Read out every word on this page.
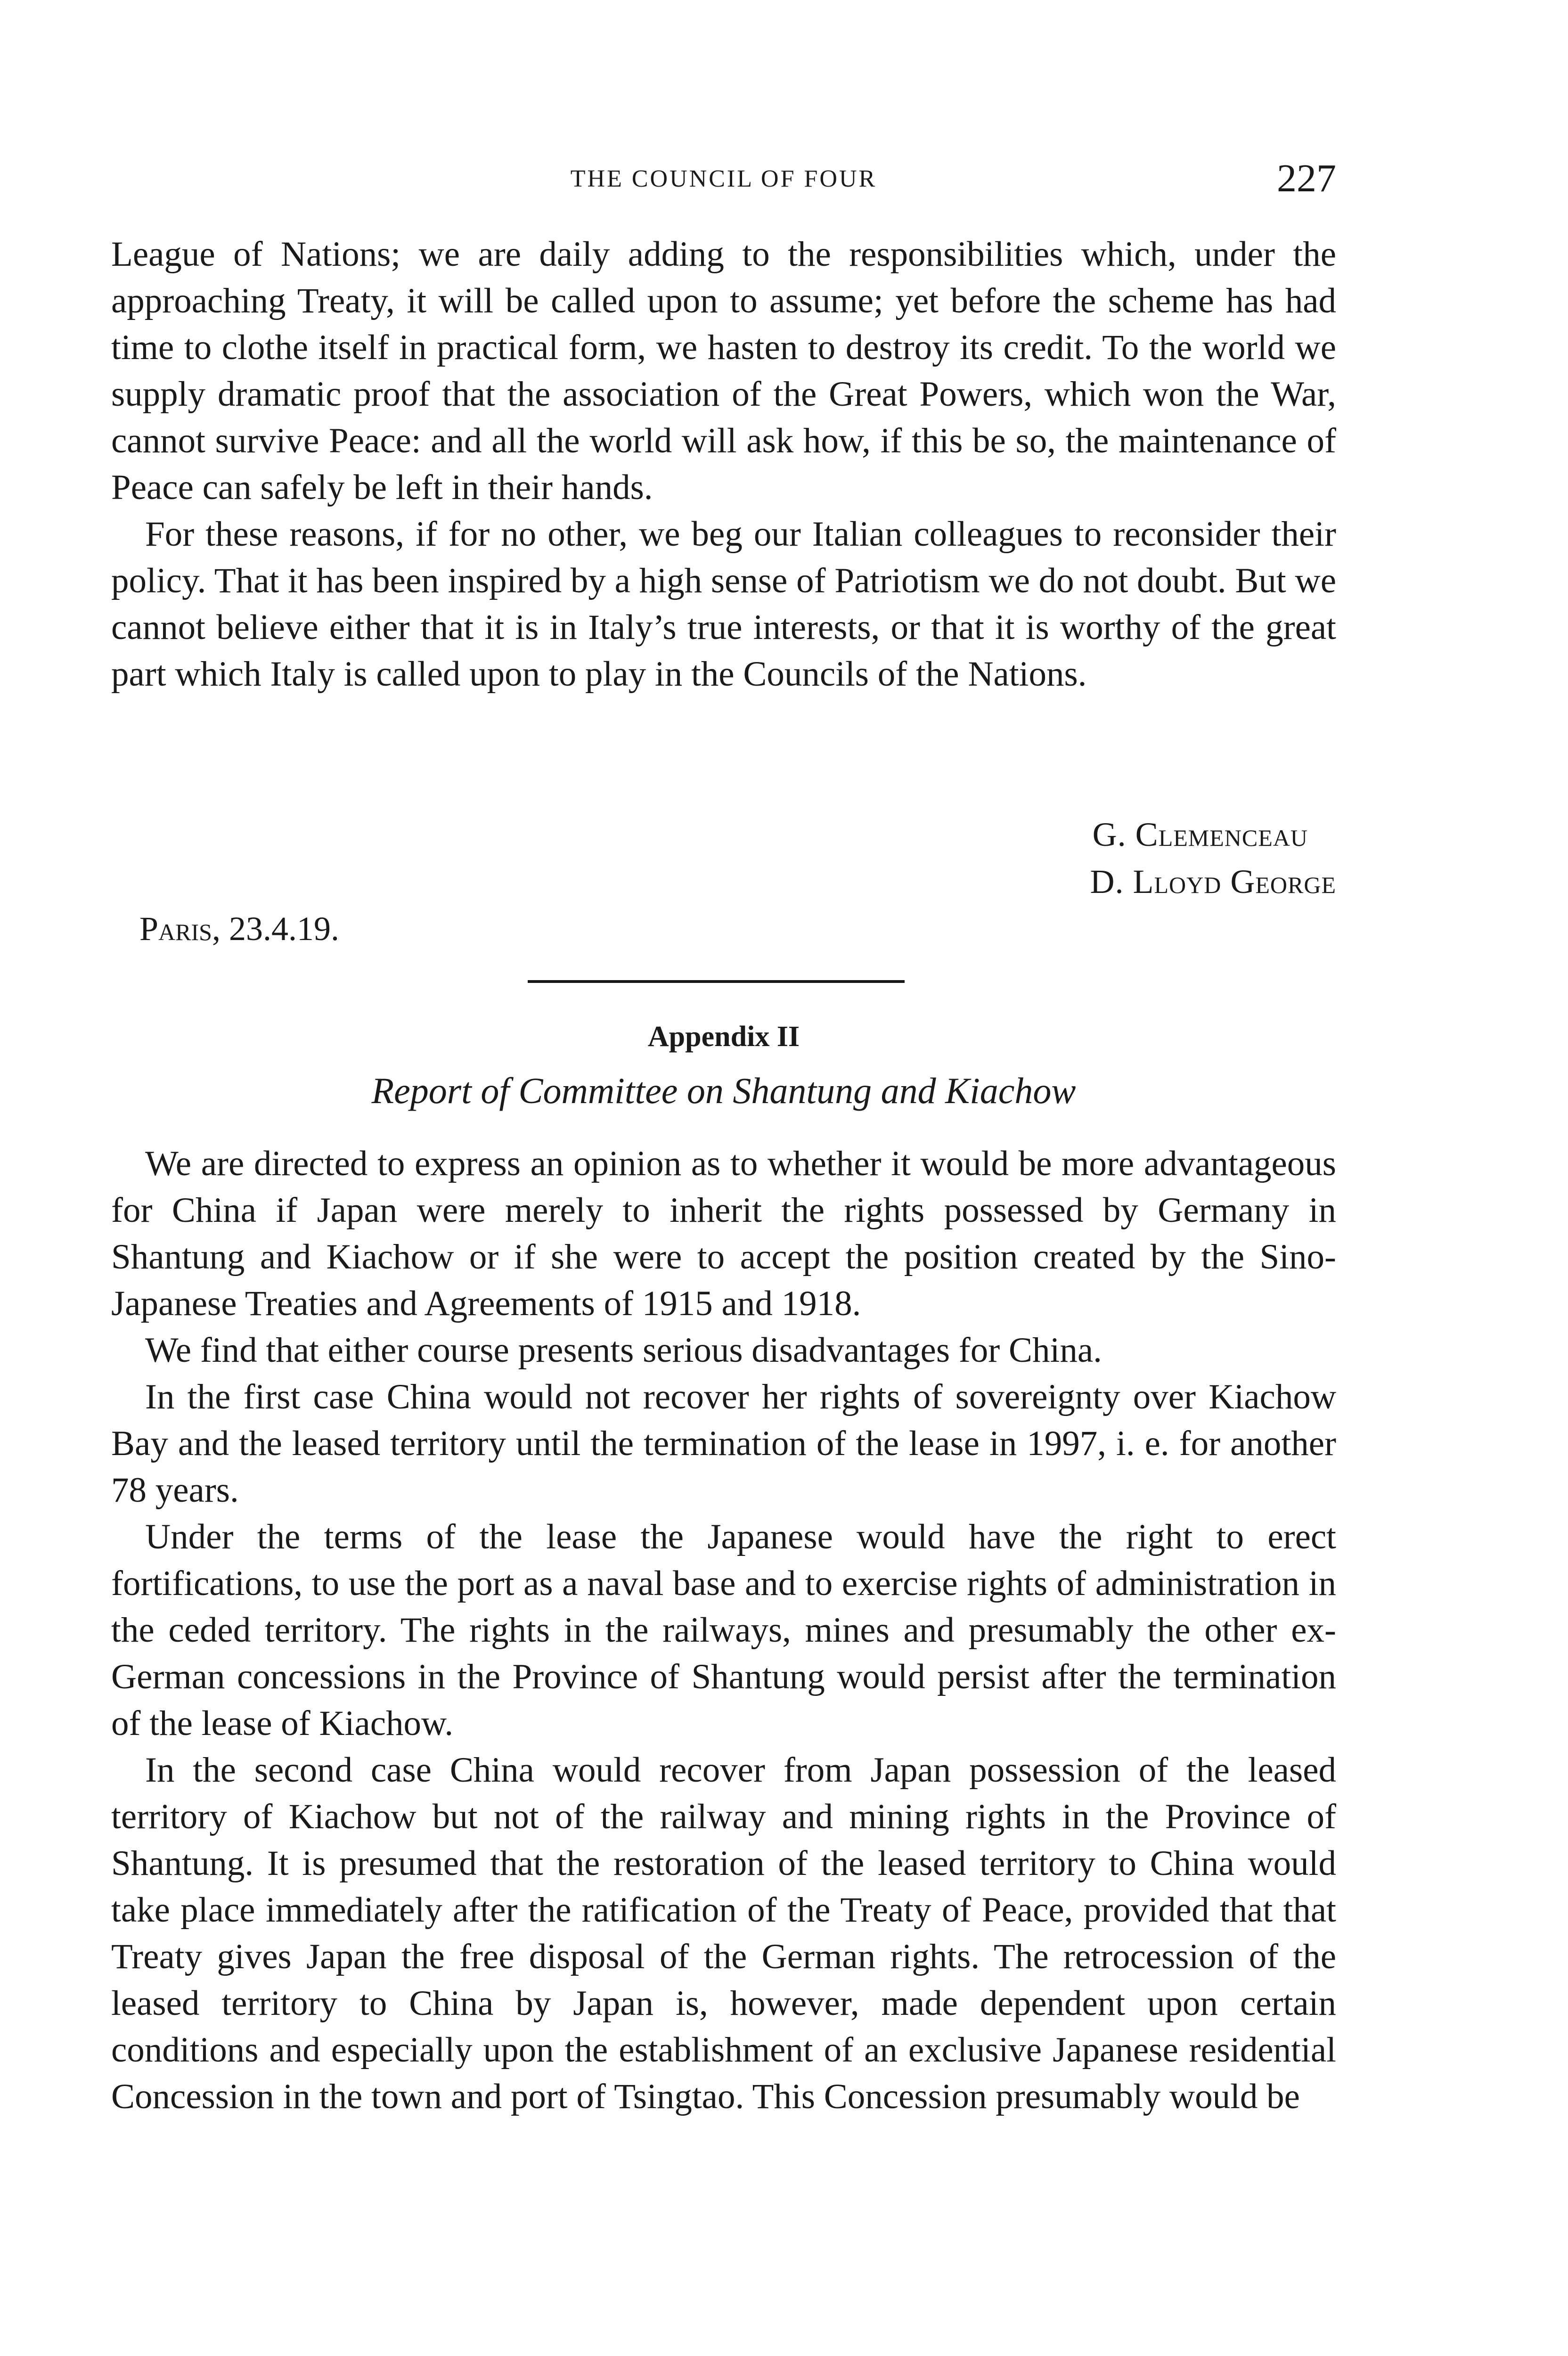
THE COUNCIL OF FOUR	227

League of Nations; we are daily adding to the responsibilities which, under the approaching Treaty, it will be called upon to assume; yet before the scheme has had time to clothe itself in practical form, we hasten to destroy its credit. To the world we supply dramatic proof that the association of the Great Powers, which won the War, cannot survive Peace: and all the world will ask how, if this be so, the maintenance of Peace can safely be left in their hands.

For these reasons, if for no other, we beg our Italian colleagues to reconsider their policy. That it has been inspired by a high sense of Patriotism we do not doubt. But we cannot believe either that it is in Italy’s true interests, or that it is worthy of the great part which Italy is called upon to play in the Councils of the Nations.

G. Clemenceau
D. Lloyd George
Paris, 23.4.19.
Appendix II
Report of Committee on Shantung and Kiachow

We are directed to express an opinion as to whether it would be more advantageous for China if Japan were merely to inherit the rights possessed by Germany in Shantung and Kiachow or if she were to accept the position created by the Sino-Japanese Treaties and Agreements of 1915 and 1918.

We find that either course presents serious disadvantages for China.

In the first case China would not recover her rights of sovereignty over Kiachow Bay and the leased territory until the termination of the lease in 1997, i. e. for another 78 years.

Under the terms of the lease the Japanese would have the right to erect fortifications, to use the port as a naval base and to exercise rights of administration in the ceded territory. The rights in the railways, mines and presumably the other ex-German concessions in the Province of Shantung would persist after the termination of the lease of Kiachow.

In the second case China would recover from Japan possession of the leased territory of Kiachow but not of the railway and mining rights in the Province of Shantung. It is presumed that the restoration of the leased territory to China would take place immediately after the ratification of the Treaty of Peace, provided that that Treaty gives Japan the free disposal of the German rights. The retrocession of the leased territory to China by Japan is, however, made dependent upon certain conditions and especially upon the establishment of an exclusive Japanese residential Concession in the town and port of Tsingtao. This Concession presumably would be
